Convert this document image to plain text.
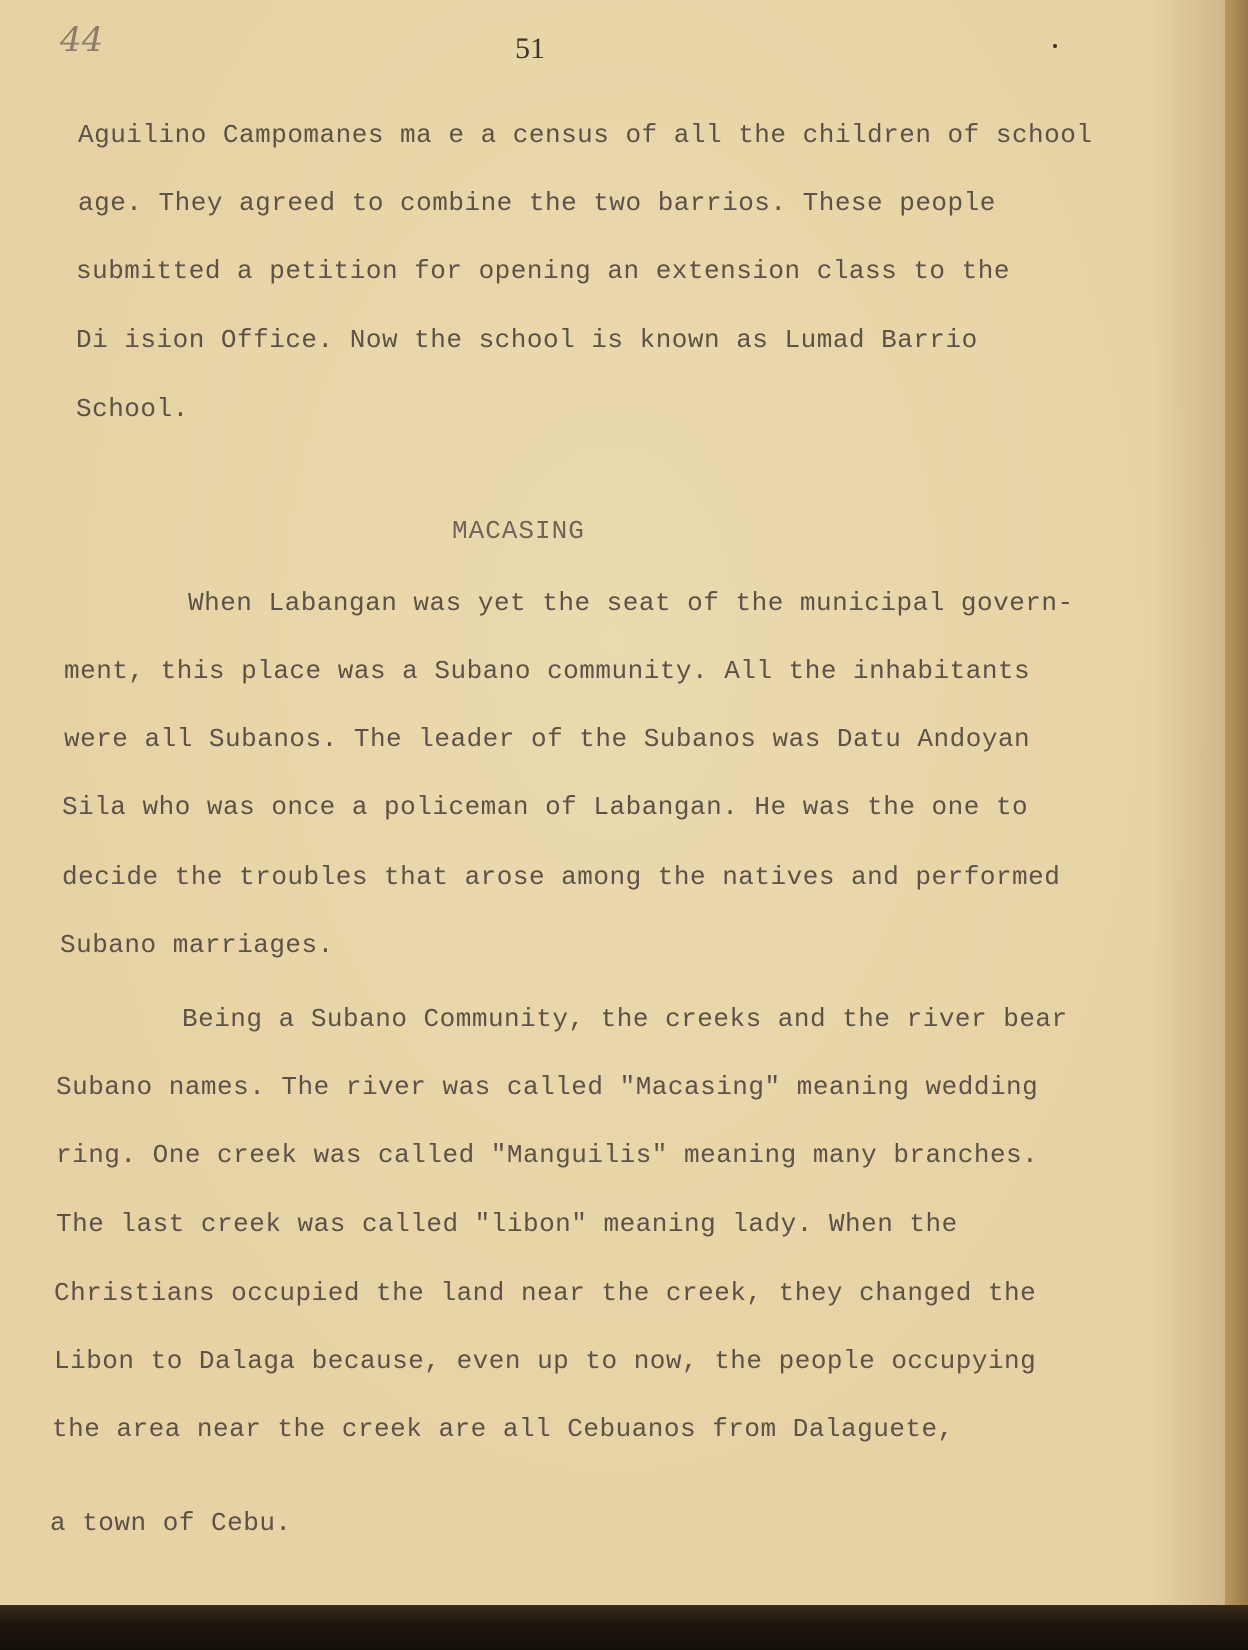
44	51
Aguilino Campomanes ma e a census of all the children of school
age. They agreed to combine the two barrios. These people
submitted a petition for opening an extension class to the
Di ision Office. Now the school is known as Lumad Barrio
School.
MACASING
When Labangan was yet the seat of the municipal govern-
ment, this place was a Subano community. All the inhabitants
were all Subanos. The leader of the Subanos was Datu Andoyan
Sila who was once a policeman of Labangan. He was the one to
decide the troubles that arose among the natives and performed
Subano marriages.
Being a Subano Community, the creeks and the river bear
Subano names. The river was called "Macasing" meaning wedding
ring. One creek was called "Manguilis" meaning many branches.
The last creek was called "libon" meaning lady. When the
Christians occupied the land near the creek, they changed the
Libon to Dalaga because, even up to now, the people occupying
the area near the creek are all Cebuanos from Dalaguete,
a town of Cebu.
